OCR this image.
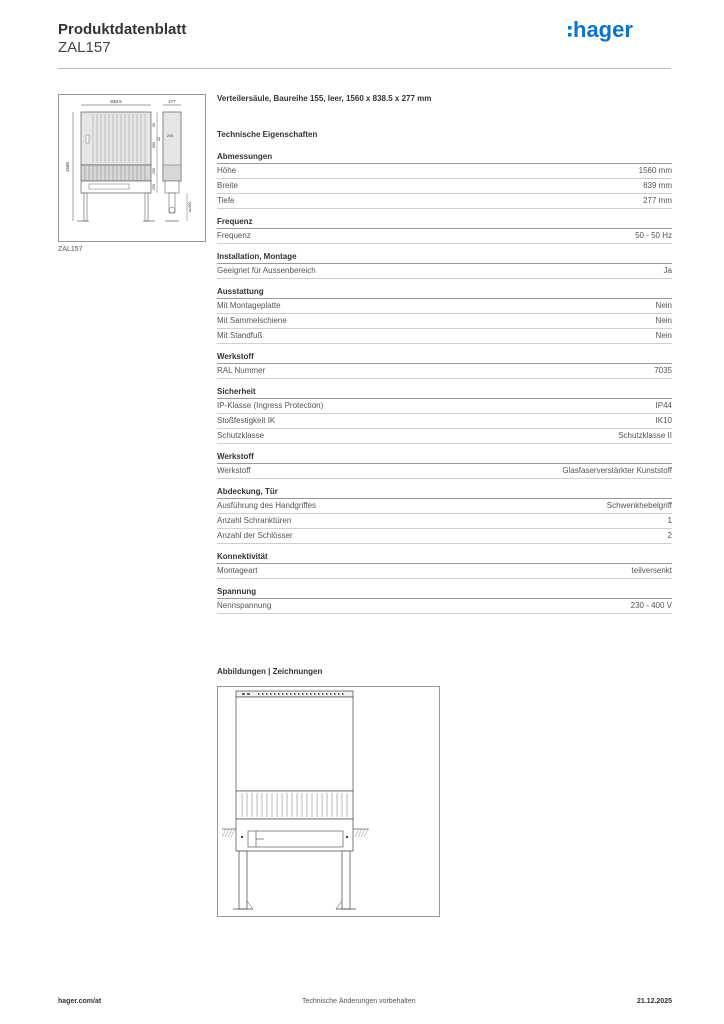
Produktdatenblatt
ZAL157
hager
838.5	277
1560
50
850
200
250
22
205
ca.600
ZAL157
Verteilersäule, Baureihe 155, leer, 1560 x 838.5 x 277 mm
Technische Eigenschaften
Abmessungen
Höhe	1560 mm
Breite	839 mm
Tiefe	277 mm
Frequenz
Frequenz	50 - 50 Hz
Installation, Montage
Geeignet für Aussenbereich	Ja
Ausstattung
Mit Montageplatte	Nein
Mit Sammelschiene	Nein
Mit Standfuß	Nein
Werkstoff
RAL Nummer	7035
Sicherheit
IP-Klasse (Ingress Protection)	IP44
Stoßfestigkeit IK	IK10
Schutzklasse	Schutzklasse II
Werkstoff
Werkstoff	Glasfaserverstärkter Kunststoff
Abdeckung, Tür
Ausführung des Handgriffes	Schwenkhebelgriff
Anzahl Schranktüren	1
Anzahl der Schlösser	2
Konnektivität
Montageart	teilversenkt
Spannung
Nennspannung	230 - 400 V
Abbildungen | Zeichnungen
hager.com/at	Technische Änderungen vorbehalten	21.12.2025
